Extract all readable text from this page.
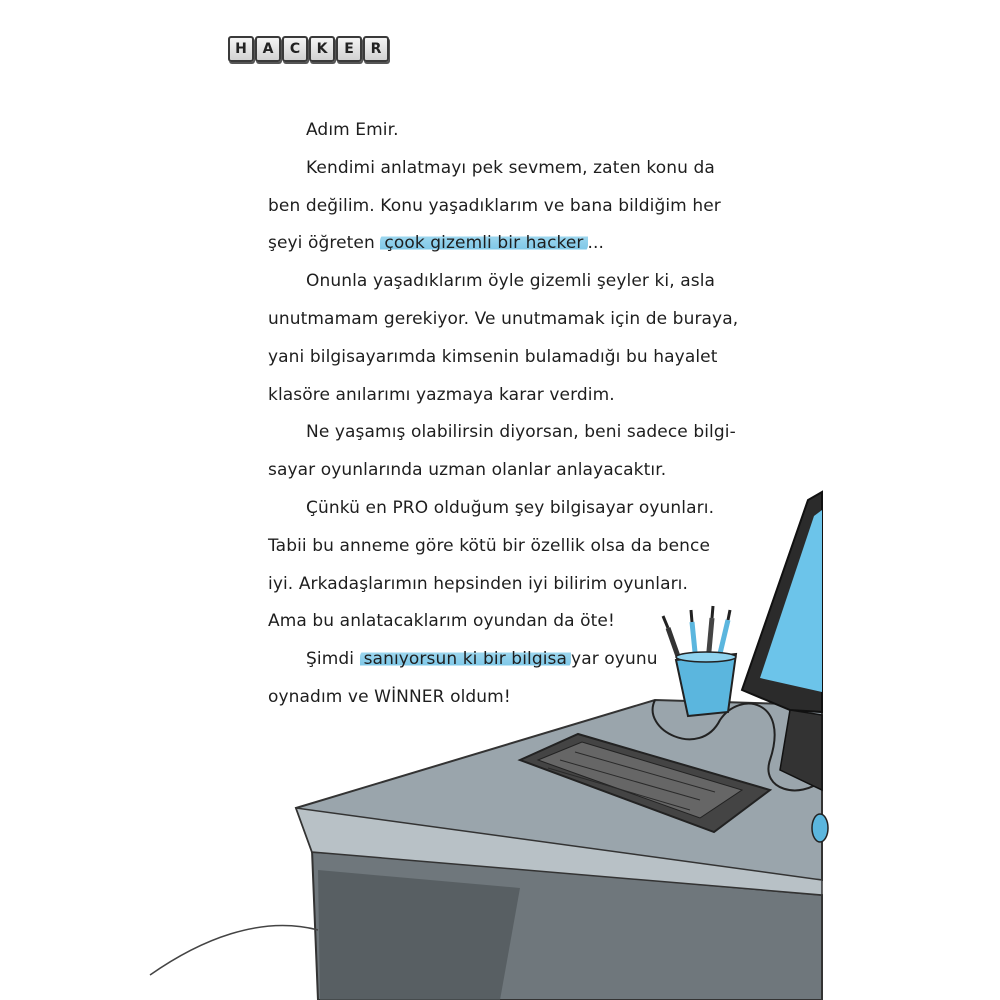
H	A	C	K	E	R
Adım Emir.
Kendimi anlatmayı pek sevmem, zaten konu da
ben değilim. Konu yaşadıklarım ve bana bildiğim her
şeyi öğreten çook gizemli bir hacker ...
Onunla yaşadıklarım öyle gizemli şeyler ki, asla
unutmamam gerekiyor. Ve unutmamak için de buraya,
yani bilgisayarımda kimsenin bulamadığı bu hayalet
klasöre anılarımı yazmaya karar verdim.
Ne yaşamış olabilirsin diyorsan, beni sadece bilgi-
sayar oyunlarında uzman olanlar anlayacaktır.
Çünkü en PRO olduğum şey bilgisayar oyunları.
Tabii bu anneme göre kötü bir özellik olsa da bence
iyi. Arkadaşlarımın hepsinden iyi bilirim oyunları.
Ama bu anlatacaklarım oyundan da öte!
Şimdi sanıyorsun ki bir bilgisa yar oyunu
oynadım ve WİNNER oldum!
